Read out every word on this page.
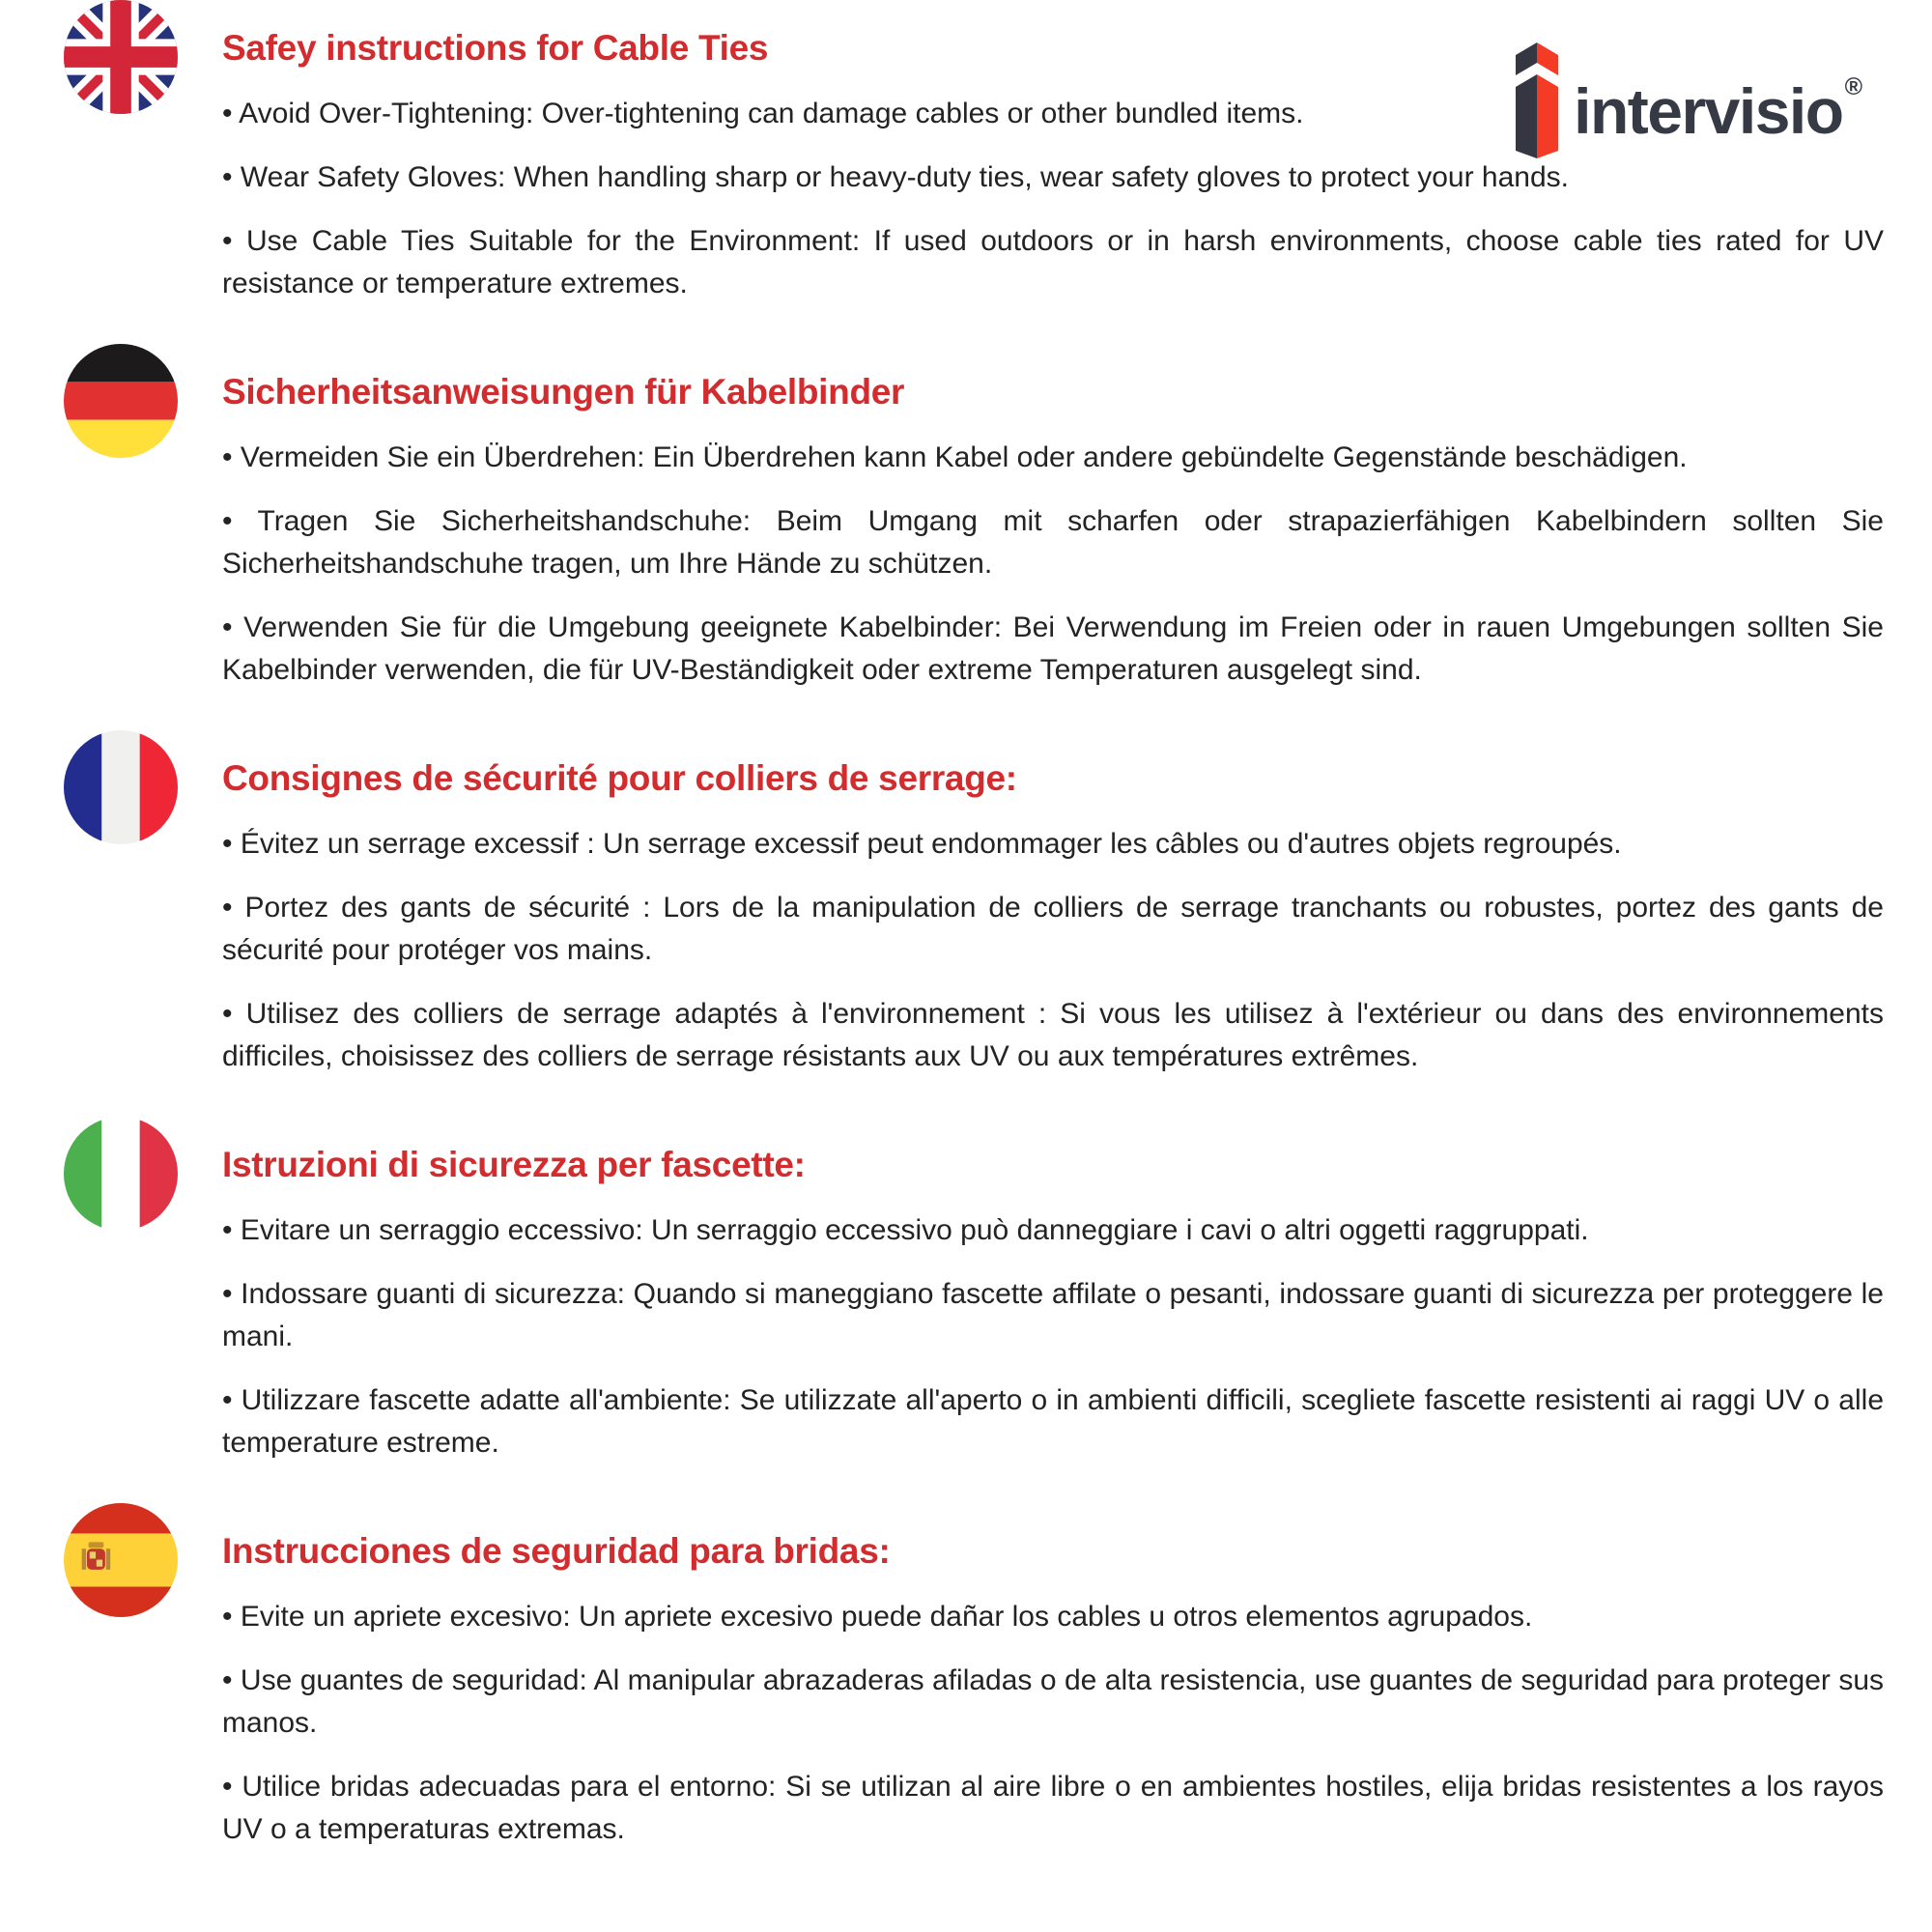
intervisio ®
Safey instructions for Cable Ties

• Avoid Over-Tightening: Over-tightening can damage cables or other bundled items.

• Wear Safety Gloves: When handling sharp or heavy-duty ties, wear safety gloves to protect your hands.

• Use Cable Ties Suitable for the Environment: If used outdoors or in harsh environments, choose cable ties rated for UV resistance or temperature extremes.

Sicherheitsanweisungen für Kabelbinder

• Vermeiden Sie ein Überdrehen: Ein Überdrehen kann Kabel oder andere gebündelte Gegenstände beschädigen.

• Tragen Sie Sicherheitshandschuhe: Beim Umgang mit scharfen oder strapazierfähigen Kabelbindern sollten Sie Sicherheitshandschuhe tragen, um Ihre Hände zu schützen.

• Verwenden Sie für die Umgebung geeignete Kabelbinder: Bei Verwendung im Freien oder in rauen Umgebungen sollten Sie Kabelbinder verwenden, die für UV-Beständigkeit oder extreme Temperaturen ausgelegt sind.

Consignes de sécurité pour colliers de serrage:

• Évitez un serrage excessif : Un serrage excessif peut endommager les câbles ou d'autres objets regroupés.

• Portez des gants de sécurité : Lors de la manipulation de colliers de serrage tranchants ou robustes, portez des gants de sécurité pour protéger vos mains.

• Utilisez des colliers de serrage adaptés à l'environnement : Si vous les utilisez à l'extérieur ou dans des environnements difficiles, choisissez des colliers de serrage résistants aux UV ou aux températures extrêmes.

Istruzioni di sicurezza per fascette:

• Evitare un serraggio eccessivo: Un serraggio eccessivo può danneggiare i cavi o altri oggetti raggruppati.

• Indossare guanti di sicurezza: Quando si maneggiano fascette affilate o pesanti, indossare guanti di sicurezza per proteggere le mani.

• Utilizzare fascette adatte all'ambiente: Se utilizzate all'aperto o in ambienti difficili, scegliete fascette resistenti ai raggi UV o alle temperature estreme.

Instrucciones de seguridad para bridas:

• Evite un apriete excesivo: Un apriete excesivo puede dañar los cables u otros elementos agrupados.

• Use guantes de seguridad: Al manipular abrazaderas afiladas o de alta resistencia, use guantes de seguridad para proteger sus manos.

• Utilice bridas adecuadas para el entorno: Si se utilizan al aire libre o en ambientes hostiles, elija bridas resistentes a los rayos UV o a temperaturas extremas.
